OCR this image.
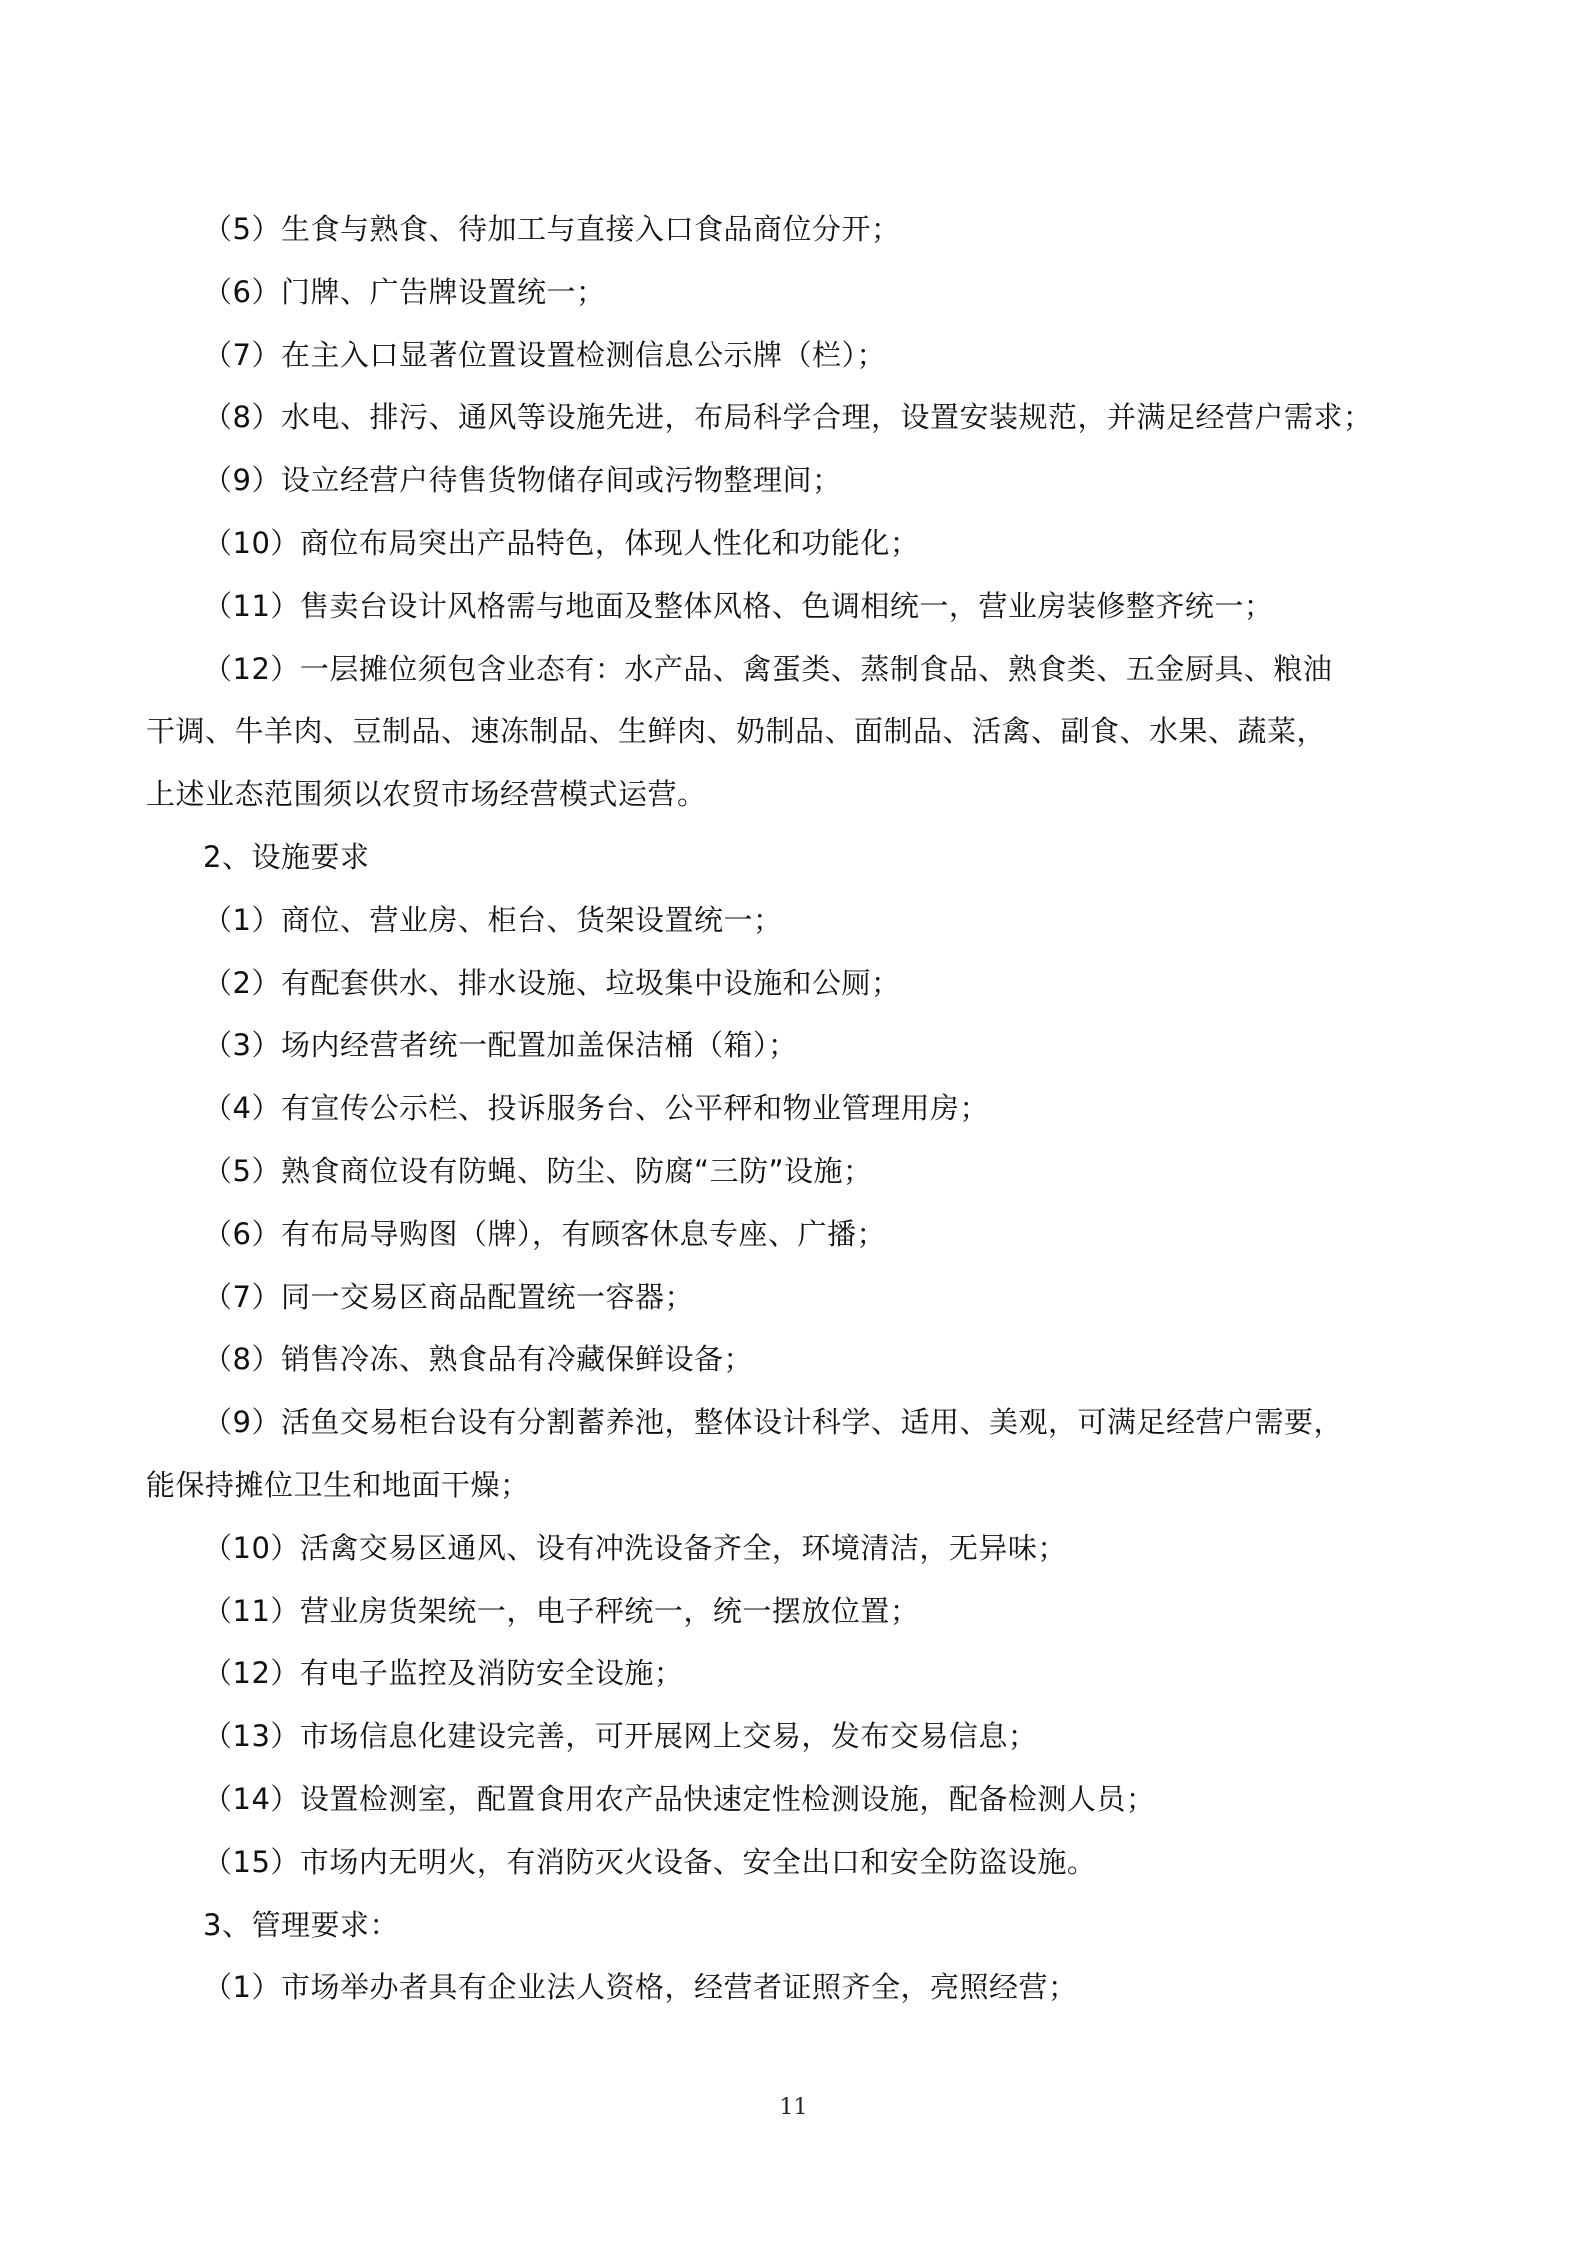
（5）生食与熟食、待加工与直接入口食品商位分开；
（6）门牌、广告牌设置统一；
（7）在主入口显著位置设置检测信息公示牌（栏）；
（8）水电、排污、通风等设施先进，布局科学合理，设置安装规范，并满足经营户需求；
（9）设立经营户待售货物储存间或污物整理间；
（10）商位布局突出产品特色，体现人性化和功能化；
（11）售卖台设计风格需与地面及整体风格、色调相统一，营业房装修整齐统一；
（12）一层摊位须包含业态有：水产品、禽蛋类、蒸制食品、熟食类、五金厨具、粮油
干调、牛羊肉、豆制品、速冻制品、生鲜肉、奶制品、面制品、活禽、副食、水果、蔬菜，
上述业态范围须以农贸市场经营模式运营。
2、设施要求
（1）商位、营业房、柜台、货架设置统一；
（2）有配套供水、排水设施、垃圾集中设施和公厕；
（3）场内经营者统一配置加盖保洁桶（箱）；
（4）有宣传公示栏、投诉服务台、公平秤和物业管理用房；
（5）熟食商位设有防蝇、防尘、防腐“三防”设施；
（6）有布局导购图（牌），有顾客休息专座、广播；
（7）同一交易区商品配置统一容器；
（8）销售冷冻、熟食品有冷藏保鲜设备；
（9）活鱼交易柜台设有分割蓄养池，整体设计科学、适用、美观，可满足经营户需要，
能保持摊位卫生和地面干燥；
（10）活禽交易区通风、设有冲洗设备齐全，环境清洁，无异味；
（11）营业房货架统一，电子秤统一，统一摆放位置；
（12）有电子监控及消防安全设施；
（13）市场信息化建设完善，可开展网上交易，发布交易信息；
（14）设置检测室，配置食用农产品快速定性检测设施，配备检测人员；
（15）市场内无明火，有消防灭火设备、安全出口和安全防盗设施。
3、管理要求：
（1）市场举办者具有企业法人资格，经营者证照齐全，亮照经营；
11
